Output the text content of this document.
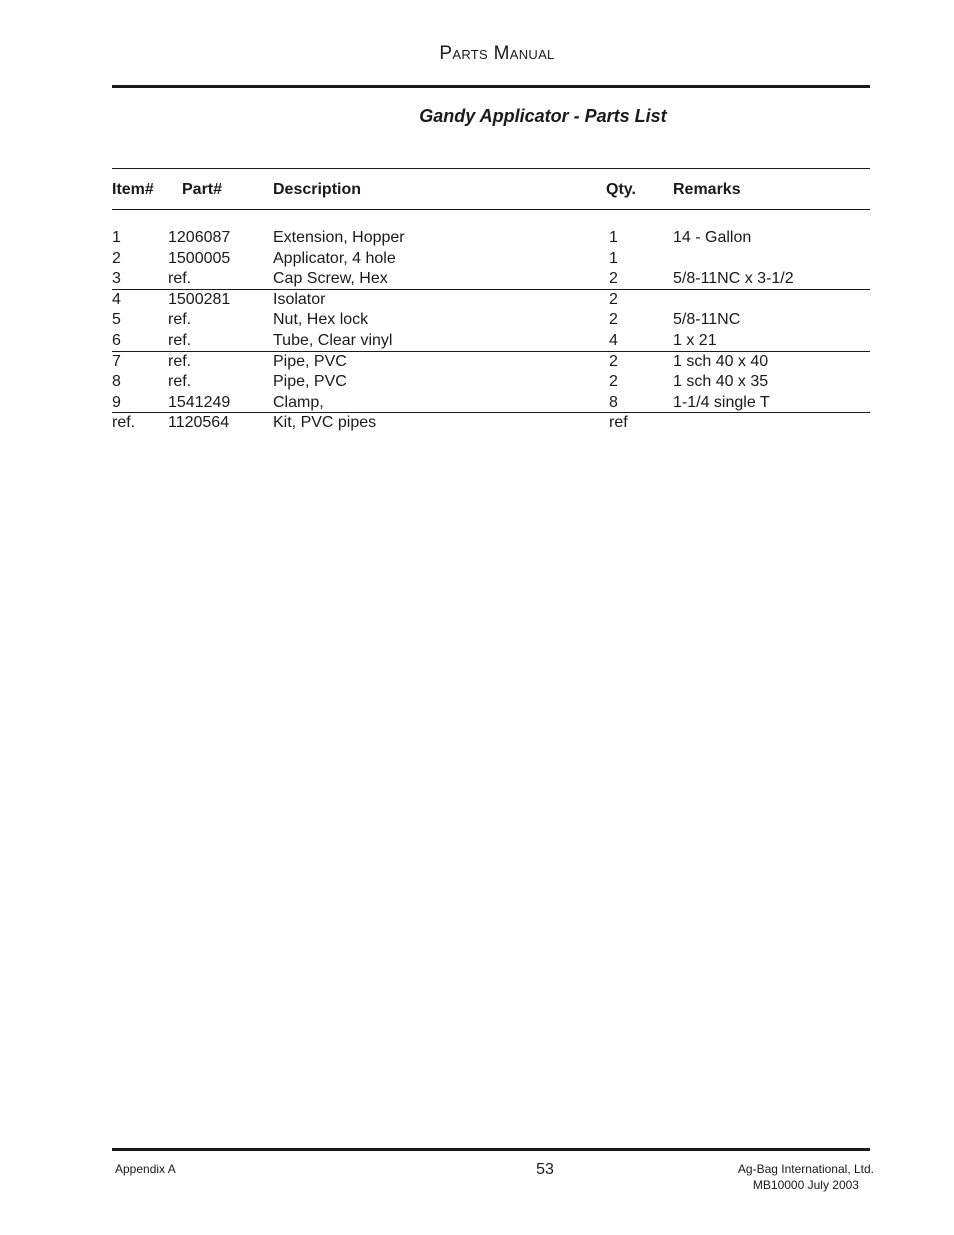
Parts Manual
Gandy Applicator - Parts List
Item# Part#	Description	Qty. Remarks
1	1206087	Extension, Hopper	1	14 - Gallon
2	1500005	Applicator, 4 hole	1
3	ref.	Cap Screw, Hex	2	5/8-11NC x 3-1/2
4	1500281	Isolator	2
5	ref.	Nut, Hex lock	2	5/8-11NC
6	ref.	Tube, Clear vinyl	4	1 x 21
7	ref.	Pipe, PVC	2	1 sch 40 x 40
8	ref.	Pipe, PVC	2	1 sch 40 x 35
9	1541249	Clamp,	8	1-1/4 single T
ref. 1120564	Kit, PVC pipes	ref
Appendix A	53	Ag-Bag International, Ltd.
MB10000 July 2003
